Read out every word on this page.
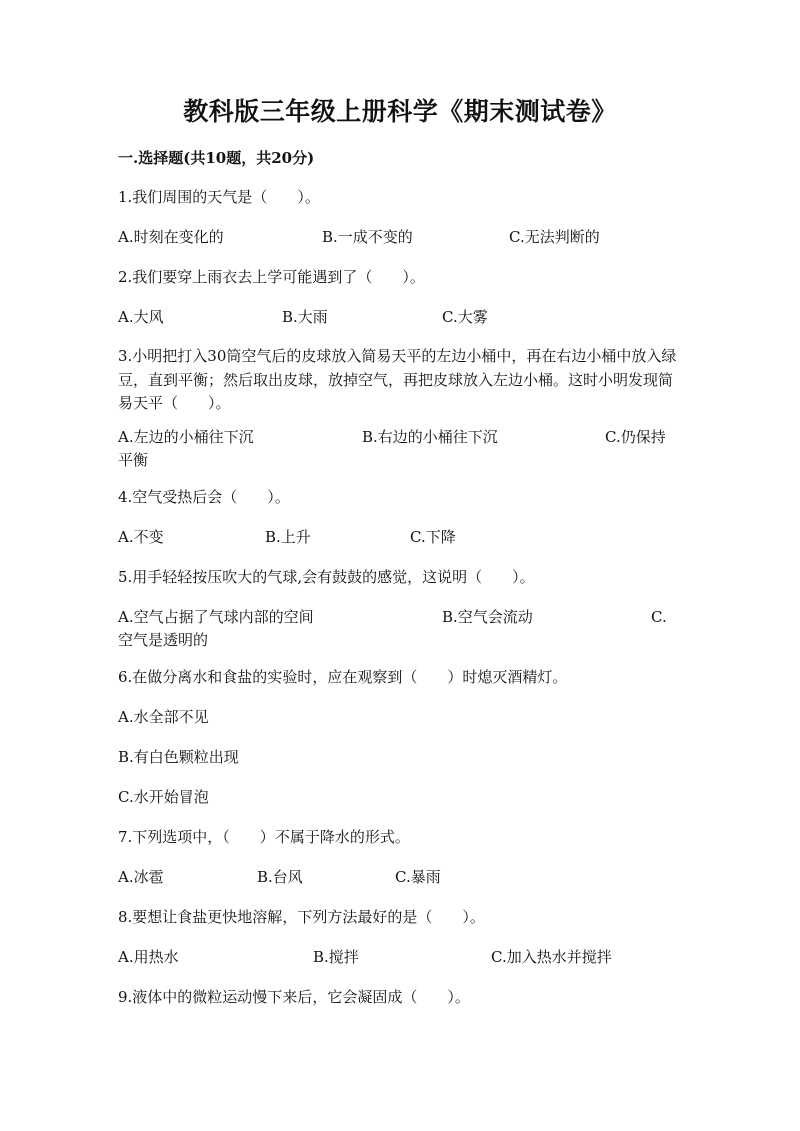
教科版三年级上册科学《期末测试卷》
一.选择题(共10题，共20分)
1.我们周围的天气是（　　）。
A.时刻在变化的	B.一成不变的	C.无法判断的
2.我们要穿上雨衣去上学可能遇到了（　　）。
A.大风	B.大雨	C.大雾
3.小明把打入30筒空气后的皮球放入简易天平的左边小桶中，再在右边小桶中放入绿豆，直到平衡；然后取出皮球，放掉空气，再把皮球放入左边小桶。这时小明发现简易天平（　　）。
A.左边的小桶往下沉	B.右边的小桶往下沉	C.仍保持
平衡
4.空气受热后会（　　）。
A.不变	B.上升	C.下降
5.用手轻轻按压吹大的气球,会有鼓鼓的感觉，这说明（　　）。
A.空气占据了气球内部的空间	B.空气会流动	C.
空气是透明的
6.在做分离水和食盐的实验时，应在观察到（　　）时熄灭酒精灯。
A.水全部不见
B.有白色颗粒出现
C.水开始冒泡
7.下列选项中，（　　）不属于降水的形式。
A.冰雹	B.台风	C.暴雨
8.要想让食盐更快地溶解，下列方法最好的是（　　）。
A.用热水	B.搅拌	C.加入热水并搅拌
9.液体中的微粒运动慢下来后，它会凝固成（　　）。
